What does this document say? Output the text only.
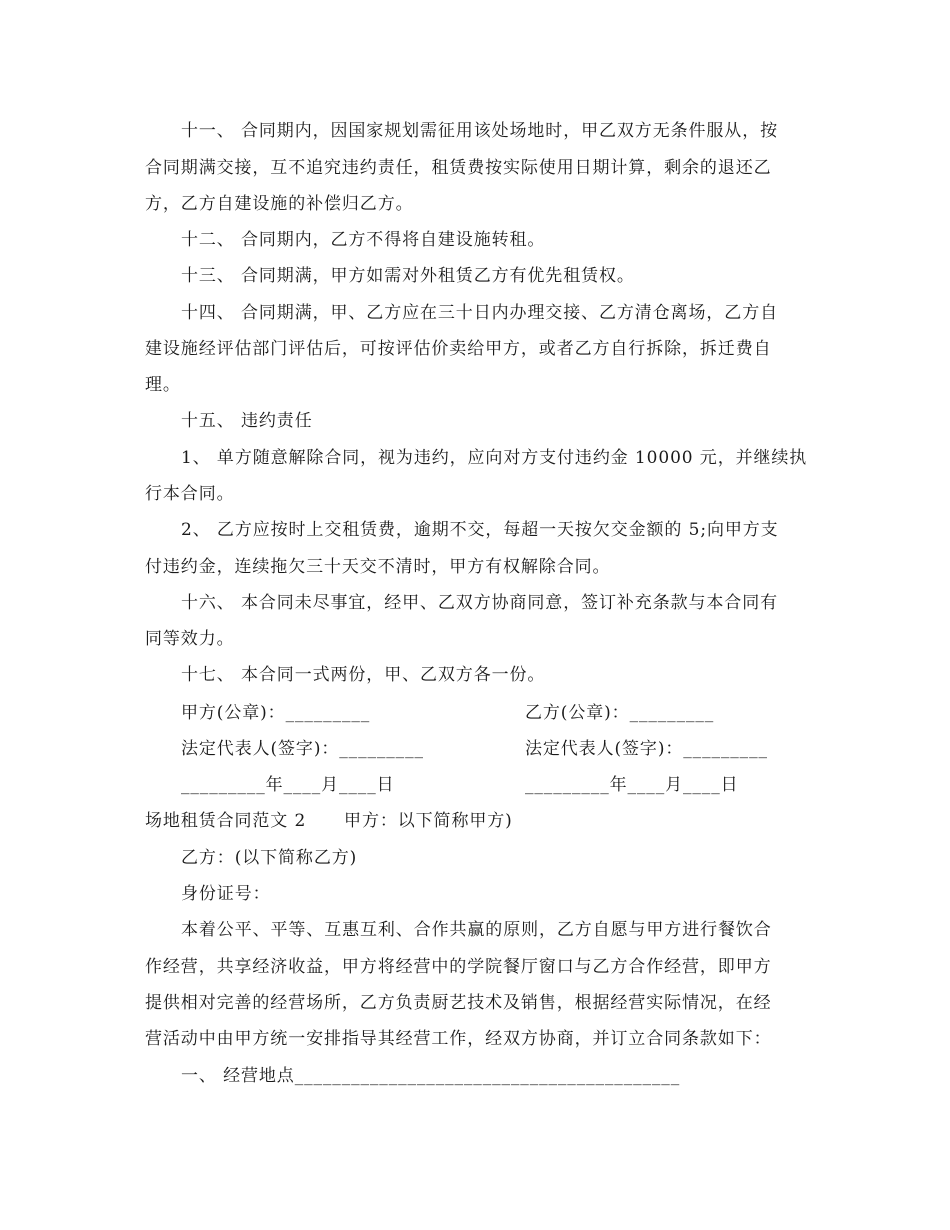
十一、 合同期内，因国家规划需征用该处场地时，甲乙双方无条件服从，按
合同期满交接，互不追究违约责任，租赁费按实际使用日期计算，剩余的退还乙
方，乙方自建设施的补偿归乙方。
十二、 合同期内，乙方不得将自建设施转租。
十三、 合同期满，甲方如需对外租赁乙方有优先租赁权。
十四、 合同期满，甲、乙方应在三十日内办理交接、乙方清仓离场，乙方自
建设施经评估部门评估后，可按评估价卖给甲方，或者乙方自行拆除，拆迁费自
理。
十五、 违约责任
1、 单方随意解除合同，视为违约，应向对方支付违约金 10000 元，并继续执
行本合同。
2、 乙方应按时上交租赁费，逾期不交，每超一天按欠交金额的 5;向甲方支
付违约金，连续拖欠三十天交不清时，甲方有权解除合同。
十六、 本合同未尽事宜，经甲、乙双方协商同意，签订补充条款与本合同有
同等效力。
十七、 本合同一式两份，甲、乙双方各一份。
甲方(公章)：_________	乙方(公章)：_________
法定代表人(签字)：_________	法定代表人(签字)：_________
_________年____月____日	_________年____月____日
场地租赁合同范文 2      甲方：以下简称甲方)
乙方：(以下简称乙方)
身份证号：
本着公平、平等、互惠互利、合作共赢的原则，乙方自愿与甲方进行餐饮合
作经营，共享经济收益，甲方将经营中的学院餐厅窗口与乙方合作经营，即甲方
提供相对完善的经营场所，乙方负责厨艺技术及销售，根据经营实际情况，在经
营活动中由甲方统一安排指导其经营工作，经双方协商，并订立合同条款如下：
一、 经营地点_________________________________________
